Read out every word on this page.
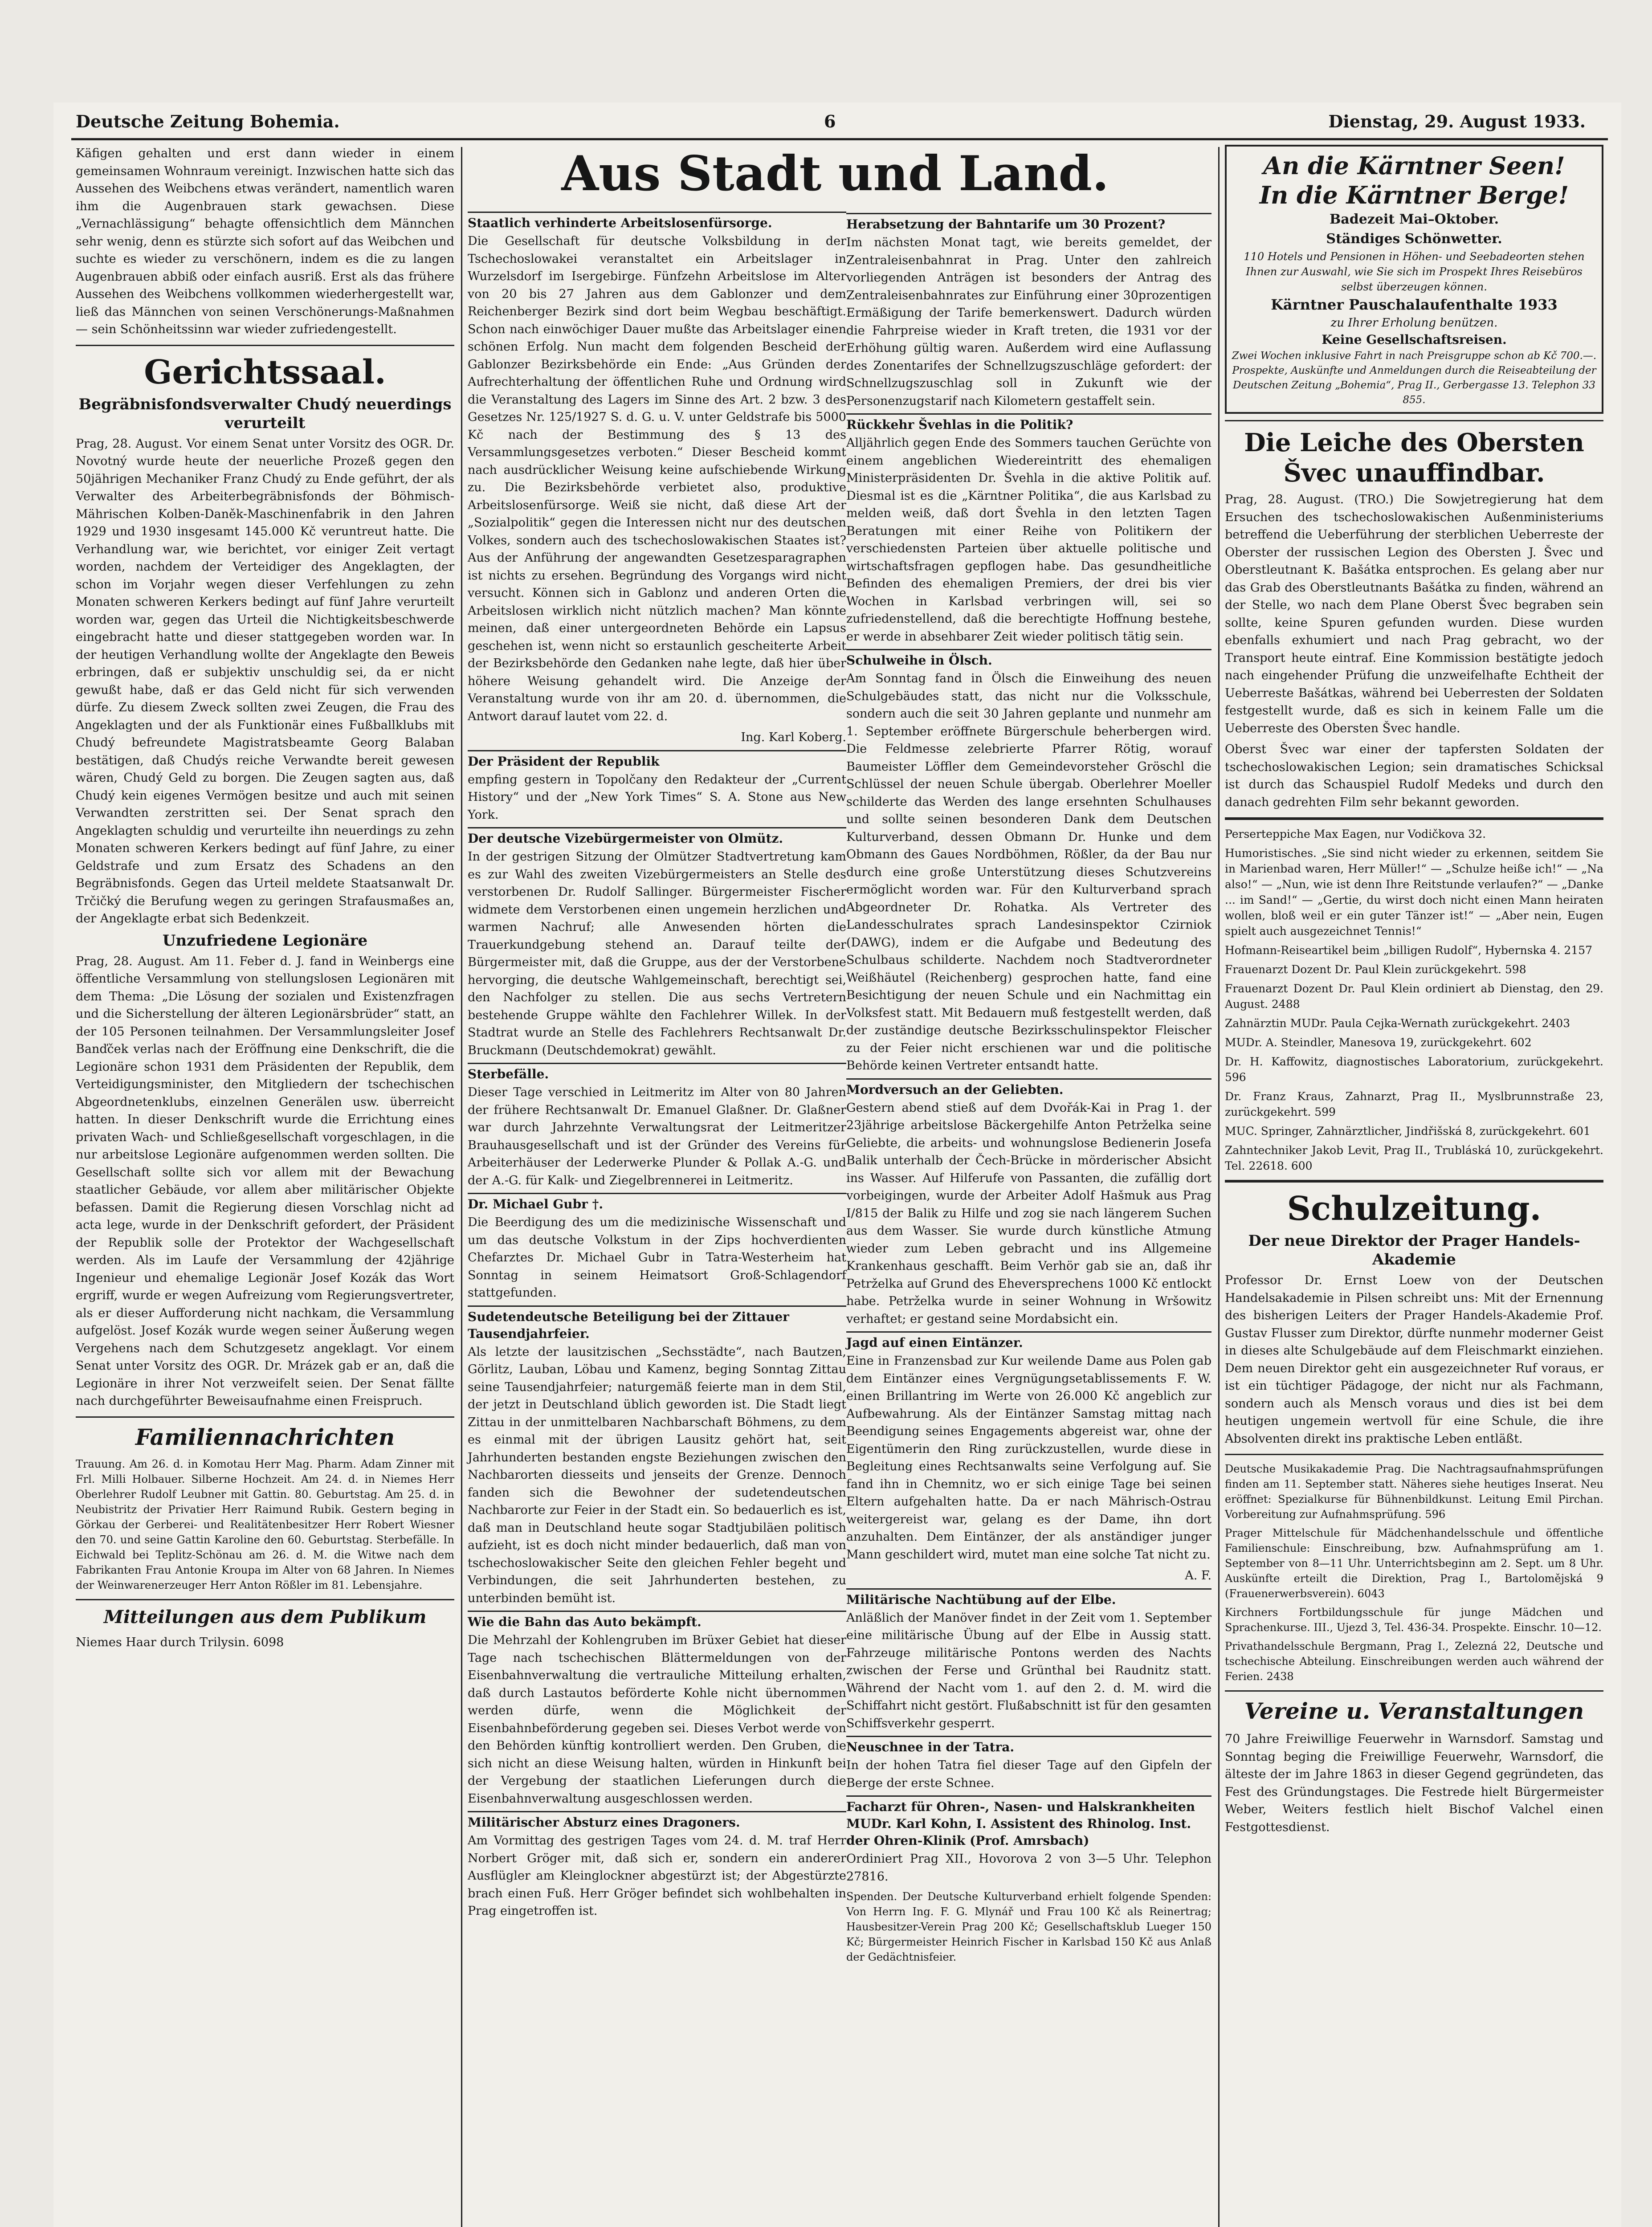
Deutsche Zeitung Bohemia.	6	Dienstag, 29. August 1933.

Käfigen gehalten und erst dann wieder in einem gemeinsamen Wohnraum vereinigt. Inzwischen hatte sich das Aussehen des Weibchens etwas verändert, namentlich waren ihm die Augenbrauen stark gewachsen. Diese „Vernachlässigung“ behagte offensichtlich dem Männchen sehr wenig, denn es stürzte sich sofort auf das Weibchen und suchte es wieder zu verschönern, indem es die zu langen Augenbrauen abbiß oder einfach ausriß. Erst als das frühere Aussehen des Weibchens vollkommen wiederhergestellt war, ließ das Männchen von seinen Verschönerungs-Maßnahmen — sein Schönheitssinn war wieder zufriedengestellt.

Gerichtssaal.
Begräbnisfondsverwalter Chudý neuerdings verurteilt

Prag, 28. August. Vor einem Senat unter Vorsitz des OGR. Dr. Novotný wurde heute der neuerliche Prozeß gegen den 50jährigen Mechaniker Franz Chudý zu Ende geführt, der als Verwalter des Arbeiterbegräbnisfonds der Böhmisch-Mährischen Kolben-Daněk-Maschinenfabrik in den Jahren 1929 und 1930 insgesamt 145.000 Kč veruntreut hatte. Die Verhandlung war, wie berichtet, vor einiger Zeit vertagt worden, nachdem der Verteidiger des Angeklagten, der schon im Vorjahr wegen dieser Verfehlungen zu zehn Monaten schweren Kerkers bedingt auf fünf Jahre verurteilt worden war, gegen das Urteil die Nichtigkeitsbeschwerde eingebracht hatte und dieser stattgegeben worden war. In der heutigen Verhandlung wollte der Angeklagte den Beweis erbringen, daß er subjektiv unschuldig sei, da er nicht gewußt habe, daß er das Geld nicht für sich verwenden dürfe. Zu diesem Zweck sollten zwei Zeugen, die Frau des Angeklagten und der als Funktionär eines Fußballklubs mit Chudý befreundete Magistratsbeamte Georg Balaban bestätigen, daß Chudýs reiche Verwandte bereit gewesen wären, Chudý Geld zu borgen. Die Zeugen sagten aus, daß Chudý kein eigenes Vermögen besitze und auch mit seinen Verwandten zerstritten sei. Der Senat sprach den Angeklagten schuldig und verurteilte ihn neuerdings zu zehn Monaten schweren Kerkers bedingt auf fünf Jahre, zu einer Geldstrafe und zum Ersatz des Schadens an den Begräbnisfonds. Gegen das Urteil meldete Staatsanwalt Dr. Trčičký die Berufung wegen zu geringen Strafausmaßes an, der Angeklagte erbat sich Bedenkzeit.

Unzufriedene Legionäre

Prag, 28. August. Am 11. Feber d. J. fand in Weinbergs eine öffentliche Versammlung von stellungslosen Legionären mit dem Thema: „Die Lösung der sozialen und Existenzfragen und die Sicherstellung der älteren Legionärsbrüder“ statt, an der 105 Personen teilnahmen. Der Versammlungsleiter Josef Banďček verlas nach der Eröffnung eine Denkschrift, die die Legionäre schon 1931 dem Präsidenten der Republik, dem Verteidigungsminister, den Mitgliedern der tschechischen Abgeordnetenklubs, einzelnen Generälen usw. überreicht hatten. In dieser Denkschrift wurde die Errichtung eines privaten Wach- und Schließgesellschaft vorgeschlagen, in die nur arbeitslose Legionäre aufgenommen werden sollten. Die Gesellschaft sollte sich vor allem mit der Bewachung staatlicher Gebäude, vor allem aber militärischer Objekte befassen. Damit die Regierung diesen Vorschlag nicht ad acta lege, wurde in der Denkschrift gefordert, der Präsident der Republik solle der Protektor der Wachgesellschaft werden. Als im Laufe der Versammlung der 42jährige Ingenieur und ehemalige Legionär Josef Kozák das Wort ergriff, wurde er wegen Aufreizung vom Regierungsvertreter, als er dieser Aufforderung nicht nachkam, die Versammlung aufgelöst. Josef Kozák wurde wegen seiner Äußerung wegen Vergehens nach dem Schutzgesetz angeklagt. Vor einem Senat unter Vorsitz des OGR. Dr. Mrázek gab er an, daß die Legionäre in ihrer Not verzweifelt seien. Der Senat fällte nach durchgeführter Beweisaufnahme einen Freispruch.

Familiennachrichten

Trauung. Am 26. d. in Komotau Herr Mag. Pharm. Adam Zinner mit Frl. Milli Holbauer. Silberne Hochzeit. Am 24. d. in Niemes Herr Oberlehrer Rudolf Leubner mit Gattin. 80. Geburtstag. Am 25. d. in Neubistritz der Privatier Herr Raimund Rubik. Gestern beging in Görkau der Gerberei- und Realitätenbesitzer Herr Robert Wiesner den 70. und seine Gattin Karoline den 60. Geburtstag. Sterbefälle. In Eichwald bei Teplitz-Schönau am 26. d. M. die Witwe nach dem Fabrikanten Frau Antonie Kroupa im Alter von 68 Jahren. In Niemes der Weinwarenerzeuger Herr Anton Rößler im 81. Lebensjahre.

Mitteilungen aus dem Publikum

Niemes Haar durch Trilysin. 6098

Aus Stadt und Land.
Staatlich verhinderte Arbeitslosenfürsorge.

Die Gesellschaft für deutsche Volksbildung in der Tschechoslowakei veranstaltet ein Arbeitslager in Wurzelsdorf im Isergebirge. Fünfzehn Arbeitslose im Alter von 20 bis 27 Jahren aus dem Gablonzer und dem Reichenberger Bezirk sind dort beim Wegbau beschäftigt. Schon nach einwöchiger Dauer mußte das Arbeitslager einen schönen Erfolg. Nun macht dem folgenden Bescheid der Gablonzer Bezirksbehörde ein Ende: „Aus Gründen der Aufrechterhaltung der öffentlichen Ruhe und Ordnung wird die Veranstaltung des Lagers im Sinne des Art. 2 bzw. 3 des Gesetzes Nr. 125/1927 S. d. G. u. V. unter Geldstrafe bis 5000 Kč nach der Bestimmung des § 13 des Versammlungsgesetzes verboten.“ Dieser Bescheid kommt nach ausdrücklicher Weisung keine aufschiebende Wirkung zu. Die Bezirksbehörde verbietet also, produktive Arbeitslosenfürsorge. Weiß sie nicht, daß diese Art der „Sozialpolitik“ gegen die Interessen nicht nur des deutschen Volkes, sondern auch des tschechoslowakischen Staates ist? Aus der Anführung der angewandten Gesetzesparagraphen ist nichts zu ersehen. Begründung des Vorgangs wird nicht versucht. Können sich in Gablonz und anderen Orten die Arbeitslosen wirklich nicht nützlich machen? Man könnte meinen, daß einer untergeordneten Behörde ein Lapsus geschehen ist, wenn nicht so erstaunlich gescheiterte Arbeit der Bezirksbehörde den Gedanken nahe legte, daß hier über höhere Weisung gehandelt wird. Die Anzeige der Veranstaltung wurde von ihr am 20. d. übernommen, die Antwort darauf lautet vom 22. d.

Ing. Karl Koberg.

Der Präsident der Republik

empfing gestern in Topolčany den Redakteur der „Current History“ und der „New York Times“ S. A. Stone aus New York.

Der deutsche Vizebürgermeister von Olmütz.

In der gestrigen Sitzung der Olmützer Stadtvertretung kam es zur Wahl des zweiten Vizebürgermeisters an Stelle des verstorbenen Dr. Rudolf Sallinger. Bürgermeister Fischer widmete dem Verstorbenen einen ungemein herzlichen und warmen Nachruf; alle Anwesenden hörten die Trauerkundgebung stehend an. Darauf teilte der Bürgermeister mit, daß die Gruppe, aus der der Verstorbene hervorging, die deutsche Wahlgemeinschaft, berechtigt sei, den Nachfolger zu stellen. Die aus sechs Vertretern bestehende Gruppe wählte den Fachlehrer Willek. In der Stadtrat wurde an Stelle des Fachlehrers Rechtsanwalt Dr. Bruckmann (Deutschdemokrat) gewählt.

Sterbefälle.

Dieser Tage verschied in Leitmeritz im Alter von 80 Jahren der frühere Rechtsanwalt Dr. Emanuel Glaßner. Dr. Glaßner war durch Jahrzehnte Verwaltungsrat der Leitmeritzer Brauhausgesellschaft und ist der Gründer des Vereins für Arbeiterhäuser der Lederwerke Plunder & Pollak A.-G. und der A.-G. für Kalk- und Ziegelbrennerei in Leitmeritz.

Dr. Michael Gubr †.

Die Beerdigung des um die medizinische Wissenschaft und um das deutsche Volkstum in der Zips hochverdienten Chefarztes Dr. Michael Gubr in Tatra-Westerheim hat Sonntag in seinem Heimatsort Groß-Schlagendorf stattgefunden.

Sudetendeutsche Beteiligung bei der Zittauer Tausendjahrfeier.

Als letzte der lausitzischen „Sechsstädte“, nach Bautzen, Görlitz, Lauban, Löbau und Kamenz, beging Sonntag Zittau seine Tausendjahrfeier; naturgemäß feierte man in dem Stil, der jetzt in Deutschland üblich geworden ist. Die Stadt liegt Zittau in der unmittelbaren Nachbarschaft Böhmens, zu dem es einmal mit der übrigen Lausitz gehört hat, seit Jahrhunderten bestanden engste Beziehungen zwischen den Nachbarorten diesseits und jenseits der Grenze. Dennoch fanden sich die Bewohner der sudetendeutschen Nachbarorte zur Feier in der Stadt ein. So bedauerlich es ist, daß man in Deutschland heute sogar Stadtjubiläen politisch aufzieht, ist es doch nicht minder bedauerlich, daß man von tschechoslowakischer Seite den gleichen Fehler begeht und Verbindungen, die seit Jahrhunderten bestehen, zu unterbinden bemüht ist.

Wie die Bahn das Auto bekämpft.

Die Mehrzahl der Kohlengruben im Brüxer Gebiet hat dieser Tage nach tschechischen Blättermeldungen von der Eisenbahnverwaltung die vertrauliche Mitteilung erhalten, daß durch Lastautos beförderte Kohle nicht übernommen werden dürfe, wenn die Möglichkeit der Eisenbahnbeförderung gegeben sei. Dieses Verbot werde von den Behörden künftig kontrolliert werden. Den Gruben, die sich nicht an diese Weisung halten, würden in Hinkunft bei der Vergebung der staatlichen Lieferungen durch die Eisenbahnverwaltung ausgeschlossen werden.

Militärischer Absturz eines Dragoners.

Am Vormittag des gestrigen Tages vom 24. d. M. traf Herr Norbert Gröger mit, daß sich er, sondern ein anderer Ausflügler am Kleinglockner abgestürzt ist; der Abgestürzte brach einen Fuß. Herr Gröger befindet sich wohlbehalten in Prag eingetroffen ist.

Herabsetzung der Bahntarife um 30 Prozent?

Im nächsten Monat tagt, wie bereits gemeldet, der Zentraleisenbahnrat in Prag. Unter den zahlreich vorliegenden Anträgen ist besonders der Antrag des Zentraleisenbahnrates zur Einführung einer 30prozentigen Ermäßigung der Tarife bemerkenswert. Dadurch würden die Fahrpreise wieder in Kraft treten, die 1931 vor der Erhöhung gültig waren. Außerdem wird eine Auflassung des Zonentarifes der Schnellzugszuschläge gefordert: der Schnellzugszuschlag soll in Zukunft wie der Personenzugstarif nach Kilometern gestaffelt sein.

Rückkehr Švehlas in die Politik?

Alljährlich gegen Ende des Sommers tauchen Gerüchte von einem angeblichen Wiedereintritt des ehemaligen Ministerpräsidenten Dr. Švehla in die aktive Politik auf. Diesmal ist es die „Kärntner Politika“, die aus Karlsbad zu melden weiß, daß dort Švehla in den letzten Tagen Beratungen mit einer Reihe von Politikern der verschiedensten Parteien über aktuelle politische und wirtschaftsfragen gepflogen habe. Das gesundheitliche Befinden des ehemaligen Premiers, der drei bis vier Wochen in Karlsbad verbringen will, sei so zufriedenstellend, daß die berechtigte Hoffnung bestehe, er werde in absehbarer Zeit wieder politisch tätig sein.

Schulweihe in Ölsch.

Am Sonntag fand in Ölsch die Einweihung des neuen Schulgebäudes statt, das nicht nur die Volksschule, sondern auch die seit 30 Jahren geplante und nunmehr am 1. September eröffnete Bürgerschule beherbergen wird. Die Feldmesse zelebrierte Pfarrer Rötig, worauf Baumeister Löffler dem Gemeindevorsteher Gröschl die Schlüssel der neuen Schule übergab. Oberlehrer Moeller schilderte das Werden des lange ersehnten Schulhauses und sollte seinen besonderen Dank dem Deutschen Kulturverband, dessen Obmann Dr. Hunke und dem Obmann des Gaues Nordböhmen, Rößler, da der Bau nur durch eine große Unterstützung dieses Schutzvereins ermöglicht worden war. Für den Kulturverband sprach Abgeordneter Dr. Rohatka. Als Vertreter des Landesschulrates sprach Landesinspektor Czirniok (DAWG), indem er die Aufgabe und Bedeutung des Schulbaus schilderte. Nachdem noch Stadtverordneter Weißhäutel (Reichenberg) gesprochen hatte, fand eine Besichtigung der neuen Schule und ein Nachmittag ein Volksfest statt. Mit Bedauern muß festgestellt werden, daß der zuständige deutsche Bezirksschulinspektor Fleischer zu der Feier nicht erschienen war und die politische Behörde keinen Vertreter entsandt hatte.

Mordversuch an der Geliebten.

Gestern abend stieß auf dem Dvořák-Kai in Prag 1. der 23jährige arbeitslose Bäckergehilfe Anton Petrželka seine Geliebte, die arbeits- und wohnungslose Bedienerin Josefa Balik unterhalb der Čech-Brücke in mörderischer Absicht ins Wasser. Auf Hilferufe von Passanten, die zufällig dort vorbeigingen, wurde der Arbeiter Adolf Hašmuk aus Prag I/815 der Balik zu Hilfe und zog sie nach längerem Suchen aus dem Wasser. Sie wurde durch künstliche Atmung wieder zum Leben gebracht und ins Allgemeine Krankenhaus geschafft. Beim Verhör gab sie an, daß ihr Petrželka auf Grund des Eheversprechens 1000 Kč entlockt habe. Petrželka wurde in seiner Wohnung in Wršowitz verhaftet; er gestand seine Mordabsicht ein.

Jagd auf einen Eintänzer.

Eine in Franzensbad zur Kur weilende Dame aus Polen gab dem Eintänzer eines Vergnügungsetablissements F. W. einen Brillantring im Werte von 26.000 Kč angeblich zur Aufbewahrung. Als der Eintänzer Samstag mittag nach Beendigung seines Engagements abgereist war, ohne der Eigentümerin den Ring zurückzustellen, wurde diese in Begleitung eines Rechtsanwalts seine Verfolgung auf. Sie fand ihn in Chemnitz, wo er sich einige Tage bei seinen Eltern aufgehalten hatte. Da er nach Mährisch-Ostrau weitergereist war, gelang es der Dame, ihn dort anzuhalten. Dem Eintänzer, der als anständiger junger Mann geschildert wird, mutet man eine solche Tat nicht zu.

A. F.

Militärische Nachtübung auf der Elbe.

Anläßlich der Manöver findet in der Zeit vom 1. September eine militärische Übung auf der Elbe in Aussig statt. Fahrzeuge militärische Pontons werden des Nachts zwischen der Ferse und Grünthal bei Raudnitz statt. Während der Nacht vom 1. auf den 2. d. M. wird die Schiffahrt nicht gestört. Flußabschnitt ist für den gesamten Schiffsverkehr gesperrt.

Neuschnee in der Tatra.

In der hohen Tatra fiel dieser Tage auf den Gipfeln der Berge der erste Schnee.

Facharzt für Ohren-, Nasen- und Halskrankheiten MUDr. Karl Kohn, I. Assistent des Rhinolog. Inst. der Ohren-Klinik (Prof. Amrsbach)

Ordiniert Prag XII., Hovorova 2 von 3—5 Uhr. Telephon 27816.

Spenden. Der Deutsche Kulturverband erhielt folgende Spenden: Von Herrn Ing. F. G. Mlynář und Frau 100 Kč als Reinertrag; Hausbesitzer-Verein Prag 200 Kč; Gesellschaftsklub Lueger 150 Kč; Bürgermeister Heinrich Fischer in Karlsbad 150 Kč aus Anlaß der Gedächtnisfeier.

An die Kärntner Seen!
In die Kärntner Berge!
Badezeit Mai–Oktober.
Ständiges Schönwetter.
110 Hotels und Pensionen in Höhen- und Seebadeorten stehen Ihnen zur Auswahl, wie Sie sich im Prospekt Ihres Reisebüros selbst überzeugen können.
Kärntner Pauschalaufenthalte 1933
zu Ihrer Erholung benützen.
Keine Gesellschaftsreisen.
Zwei Wochen inklusive Fahrt in nach Preisgruppe schon ab Kč 700.—. Prospekte, Auskünfte und Anmeldungen durch die Reiseabteilung der Deutschen Zeitung „Bohemia“, Prag II., Gerbergasse 13. Telephon 33 855.
Die Leiche des Obersten Švec unauffindbar.

Prag, 28. August. (TRO.) Die Sowjetregierung hat dem Ersuchen des tschechoslowakischen Außenministeriums betreffend die Ueberführung der sterblichen Ueberreste der Oberster der russischen Legion des Obersten J. Švec und Oberstleutnant K. Bašátka entsprochen. Es gelang aber nur das Grab des Oberstleutnants Bašátka zu finden, während an der Stelle, wo nach dem Plane Oberst Švec begraben sein sollte, keine Spuren gefunden wurden. Diese wurden ebenfalls exhumiert und nach Prag gebracht, wo der Transport heute eintraf. Eine Kommission bestätigte jedoch nach eingehender Prüfung die unzweifelhafte Echtheit der Ueberreste Bašátkas, während bei Ueberresten der Soldaten festgestellt wurde, daß es sich in keinem Falle um die Ueberreste des Obersten Švec handle.

Oberst Švec war einer der tapfersten Soldaten der tschechoslowakischen Legion; sein dramatisches Schicksal ist durch das Schauspiel Rudolf Medeks und durch den danach gedrehten Film sehr bekannt geworden.

Perserteppiche Max Eagen, nur Vodičkova 32.

Humoristisches. „Sie sind nicht wieder zu erkennen, seitdem Sie in Marienbad waren, Herr Müller!“ — „Schulze heiße ich!“ — „Na also!“ — „Nun, wie ist denn Ihre Reitstunde verlaufen?“ — „Danke ... im Sand!“ — „Gertie, du wirst doch nicht einen Mann heiraten wollen, bloß weil er ein guter Tänzer ist!“ — „Aber nein, Eugen spielt auch ausgezeichnet Tennis!“

Hofmann-Reiseartikel beim „billigen Rudolf“, Hybernska 4. 2157

Frauenarzt Dozent Dr. Paul Klein zurückgekehrt. 598

Frauenarzt Dozent Dr. Paul Klein ordiniert ab Dienstag, den 29. August. 2488

Zahnärztin MUDr. Paula Cejka-Wernath zurückgekehrt. 2403

MUDr. A. Steindler, Manesova 19, zurückgekehrt. 602

Dr. H. Kaffowitz, diagnostisches Laboratorium, zurückgekehrt. 596

Dr. Franz Kraus, Zahnarzt, Prag II., Myslbrunnstraße 23, zurückgekehrt. 599

MUC. Springer, Zahnärztlicher, Jindřišská 8, zurückgekehrt. 601

Zahntechniker Jakob Levit, Prag II., Trubláská 10, zurückgekehrt. Tel. 22618. 600

Schulzeitung.
Der neue Direktor der Prager Handels-Akademie

Professor Dr. Ernst Loew von der Deutschen Handelsakademie in Pilsen schreibt uns: Mit der Ernennung des bisherigen Leiters der Prager Handels-Akademie Prof. Gustav Flusser zum Direktor, dürfte nunmehr moderner Geist in dieses alte Schulgebäude auf dem Fleischmarkt einziehen. Dem neuen Direktor geht ein ausgezeichneter Ruf voraus, er ist ein tüchtiger Pädagoge, der nicht nur als Fachmann, sondern auch als Mensch voraus und dies ist bei dem heutigen ungemein wertvoll für eine Schule, die ihre Absolventen direkt ins praktische Leben entläßt.

Deutsche Musikakademie Prag. Die Nachtragsaufnahmsprüfungen finden am 11. September statt. Näheres siehe heutiges Inserat. Neu eröffnet: Spezialkurse für Bühnenbildkunst. Leitung Emil Pirchan. Vorbereitung zur Aufnahmsprüfung. 596

Prager Mittelschule für Mädchenhandelsschule und öffentliche Familienschule: Einschreibung, bzw. Aufnahmsprüfung am 1. September von 8—11 Uhr. Unterrichtsbeginn am 2. Sept. um 8 Uhr. Auskünfte erteilt die Direktion, Prag I., Bartolomějská 9 (Frauenerwerbsverein). 6043

Kirchners Fortbildungsschule für junge Mädchen und Sprachenkurse. III., Ujezd 3, Tel. 436-34. Prospekte. Einschr. 10—12.

Privathandelsschule Bergmann, Prag I., Zelezná 22, Deutsche und tschechische Abteilung. Einschreibungen werden auch während der Ferien. 2438

Vereine u. Veranstaltungen

70 Jahre Freiwillige Feuerwehr in Warnsdorf. Samstag und Sonntag beging die Freiwillige Feuerwehr, Warnsdorf, die älteste der im Jahre 1863 in dieser Gegend gegründeten, das Fest des Gründungstages. Die Festrede hielt Bürgermeister Weber, Weiters festlich hielt Bischof Valchel einen Festgottesdienst.
